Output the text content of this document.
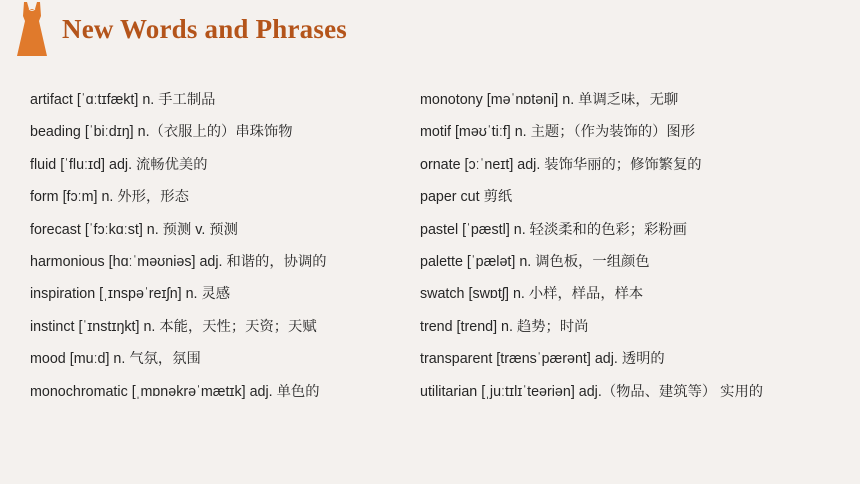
New Words and Phrases
artifact [ˈɑːtɪfækt] n. 手工制品
beading [ˈbiːdɪŋ] n.（衣服上的）串珠饰物
fluid [ˈfluːɪd] adj. 流畅优美的
form [fɔːm] n. 外形，形态
forecast [ˈfɔːkɑːst] n. 预测 v. 预测
harmonious [hɑːˈməʊniəs] adj. 和谐的，协调的
inspiration [ˌɪnspəˈreɪʃn] n. 灵感
instinct [ˈɪnstɪŋkt] n. 本能，天性；天资；天赋
mood [muːd] n. 气氛，氛围
monochromatic [ˌmɒnəkrəˈmætɪk] adj. 单色的
monotony [məˈnɒtəni] n. 单调乏味，无聊
motif [məʊˈtiːf] n. 主题；（作为装饰的）图形
ornate [ɔːˈneɪt] adj. 装饰华丽的；修饰繁复的
paper cut 剪纸
pastel [ˈpæstl] n. 轻淡柔和的色彩；彩粉画
palette [ˈpælət] n. 调色板，一组颜色
swatch [swɒtʃ] n. 小样，样品，样本
trend [trend] n. 趋势；时尚
transparent [trænsˈpærənt] adj. 透明的
utilitarian [ˌjuːtɪlɪˈteəriən] adj.（物品、建筑等） 实用的
